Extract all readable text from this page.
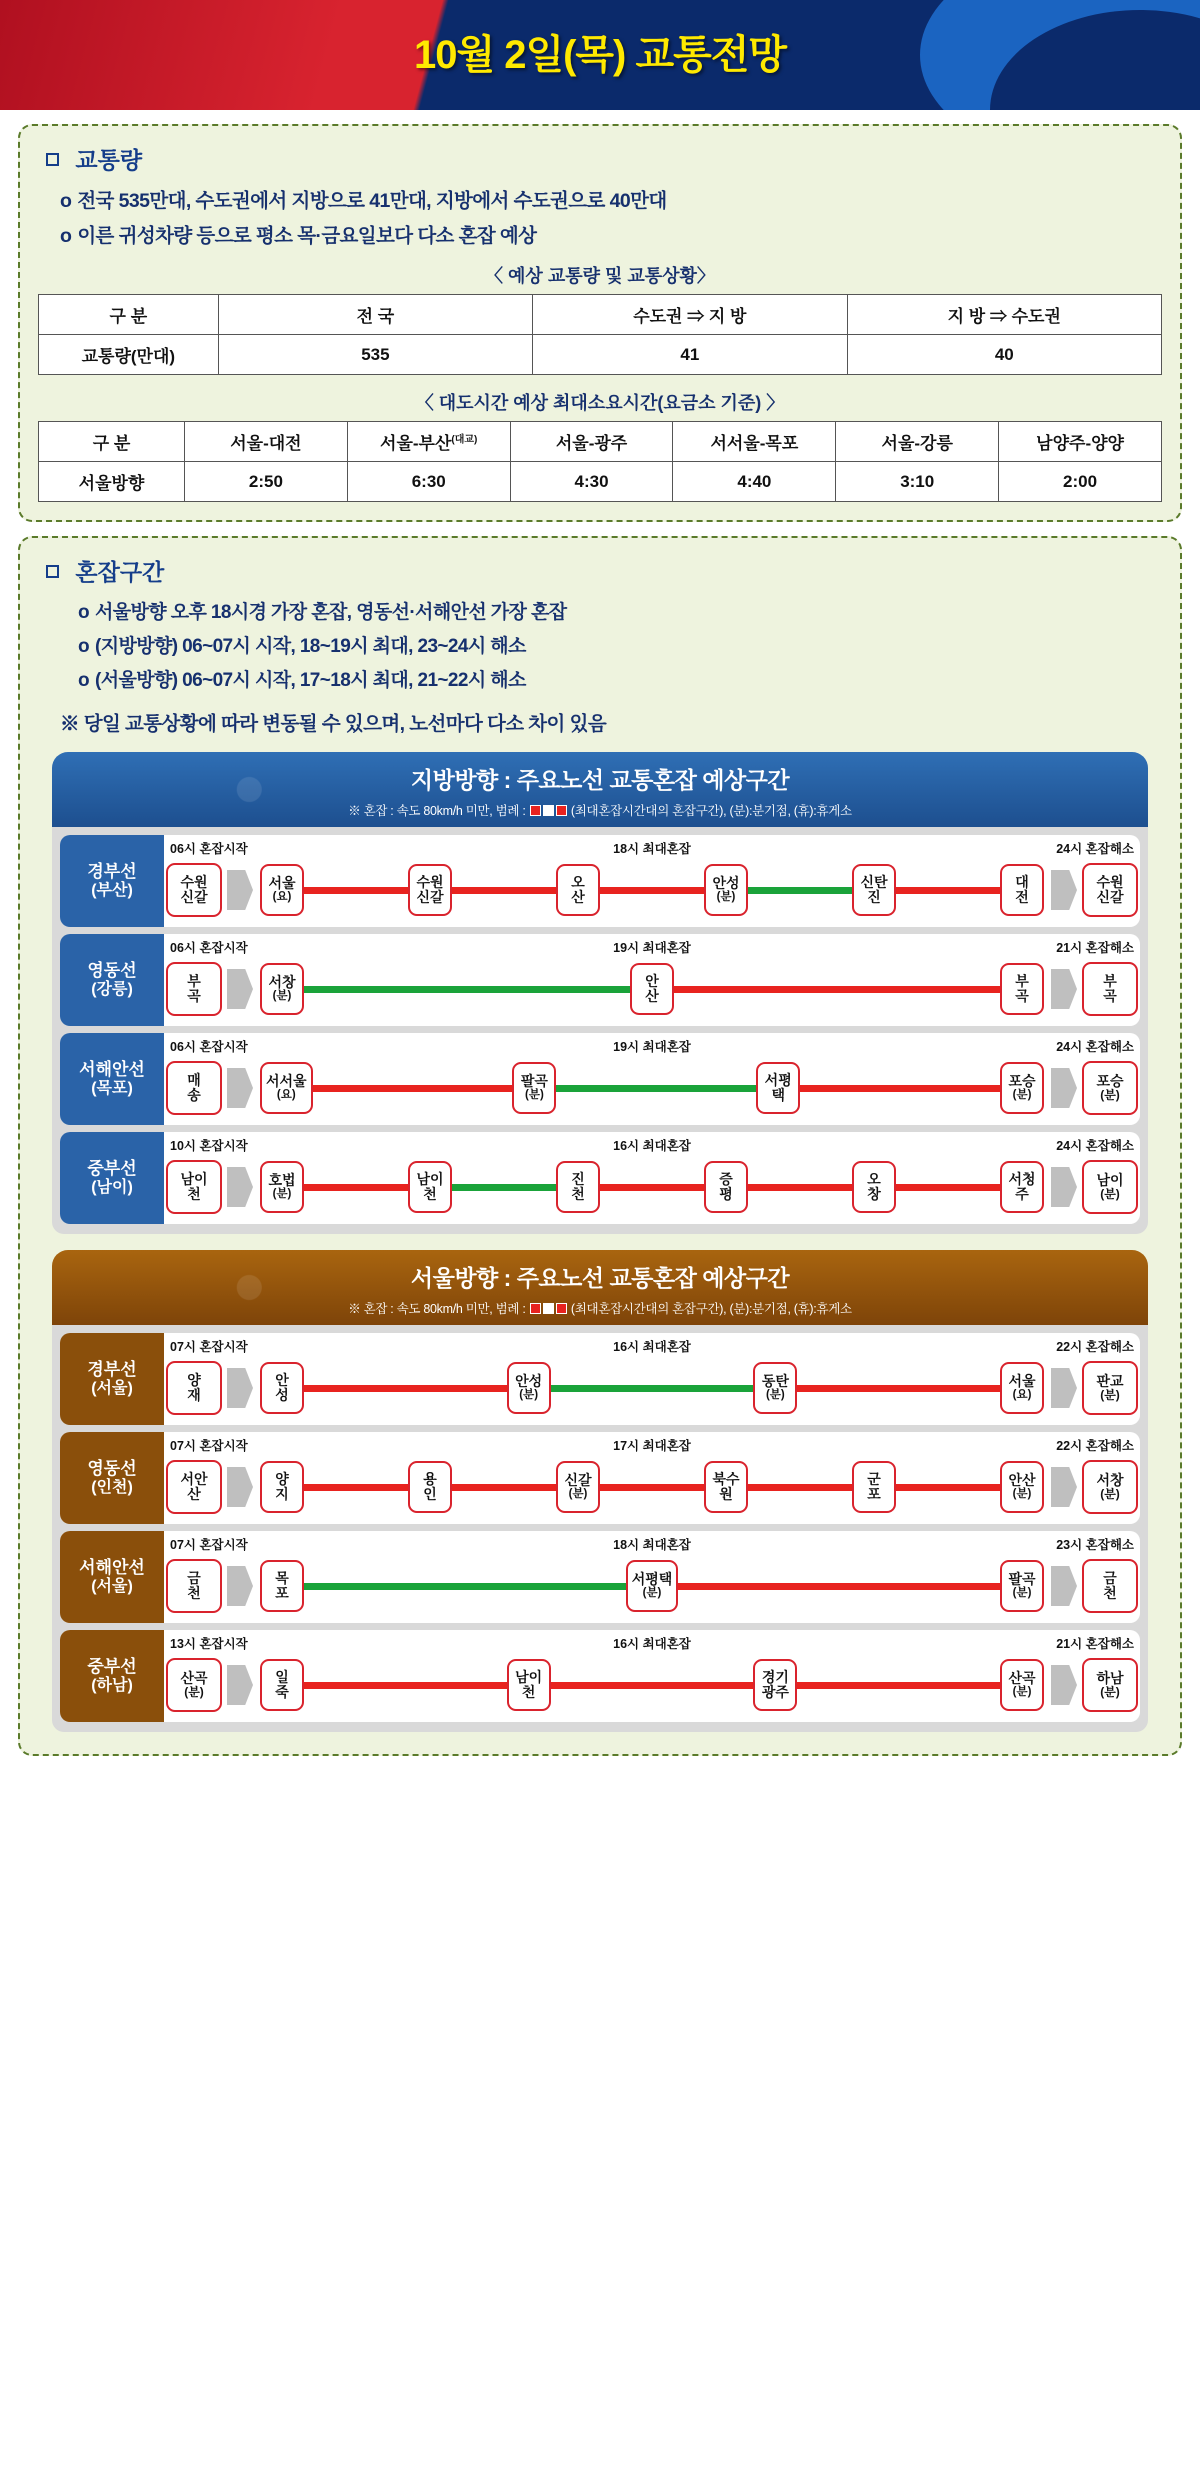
10월 2일(목) 교통전망
교통량
o 전국 535만대, 수도권에서 지방으로 41만대, 지방에서 수도권으로 40만대
o 이른 귀성차량 등으로 평소 목·금요일보다 다소 혼잡 예상
〈 예상 교통량 및 교통상황〉
구 분	전 국	수도권 ⇒ 지 방	지 방 ⇒ 수도권
교통량(만대)	535	41	40
〈 대도시간 예상 최대소요시간(요금소 기준) 〉
구 분	서울-대전	서울-부산$^{(대교)}$	서울-광주	서서울-목포	서울-강릉	남양주-양양
서울방향	2:50	6:30	4:30	4:40	3:10	2:00
혼잡구간
o 서울방향 오후 18시경 가장 혼잡, 영동선·서해안선 가장 혼잡
o (지방방향) 06~07시 시작, 18~19시 최대, 23~24시 해소
o (서울방향) 06~07시 시작, 17~18시 최대, 21~22시 해소
※ 당일 교통상황에 따라 변동될 수 있으며, 노선마다 다소 차이 있음
지방방향 : 주요노선 교통혼잡 예상구간
※ 혼잡 : 속도 80km/h 미만, 범례 :	(최대혼잡시간대의 혼잡구간), (분):분기점, (휴):휴게소
경부선
(부산)
06시 혼잡시작	18시 최대혼잡	24시 혼잡해소
수원
신갈
서울
(요)
수원
신갈
오
산
안성
(분)
신탄
진
대
전
수원
신갈
영동선
(강릉)
06시 혼잡시작	19시 최대혼잡	21시 혼잡해소
부
곡
서창
(분)
안
산
부
곡
부
곡
서해안선
(목포)
06시 혼잡시작	19시 최대혼잡	24시 혼잡해소
매
송
서서울
(요)
팔곡
(분)
서평
택
포승
(분)
포승
(분)
중부선
(남이)
10시 혼잡시작	16시 최대혼잡	24시 혼잡해소
남이
천
호법
(분)
남이
천
진
천
증
평
오
창
서청
주
남이
(분)
서울방향 : 주요노선 교통혼잡 예상구간
※ 혼잡 : 속도 80km/h 미만, 범례 :	(최대혼잡시간대의 혼잡구간), (분):분기점, (휴):휴게소
경부선
(서울)
07시 혼잡시작	16시 최대혼잡	22시 혼잡해소
양
재
안
성
안성
(분)
동탄
(분)
서울
(요)
판교
(분)
영동선
(인천)
07시 혼잡시작	17시 최대혼잡	22시 혼잡해소
서안
산
양
지
용
인
신갈
(분)
북수
원
군
포
안산
(분)
서창
(분)
서해안선
(서울)
07시 혼잡시작	18시 최대혼잡	23시 혼잡해소
금
천
목
포
서평택
(분)
팔곡
(분)
금
천
중부선
(하남)
13시 혼잡시작	16시 최대혼잡	21시 혼잡해소
산곡
(분)
일
죽
남이
천
경기
광주
산곡
(분)
하남
(분)
